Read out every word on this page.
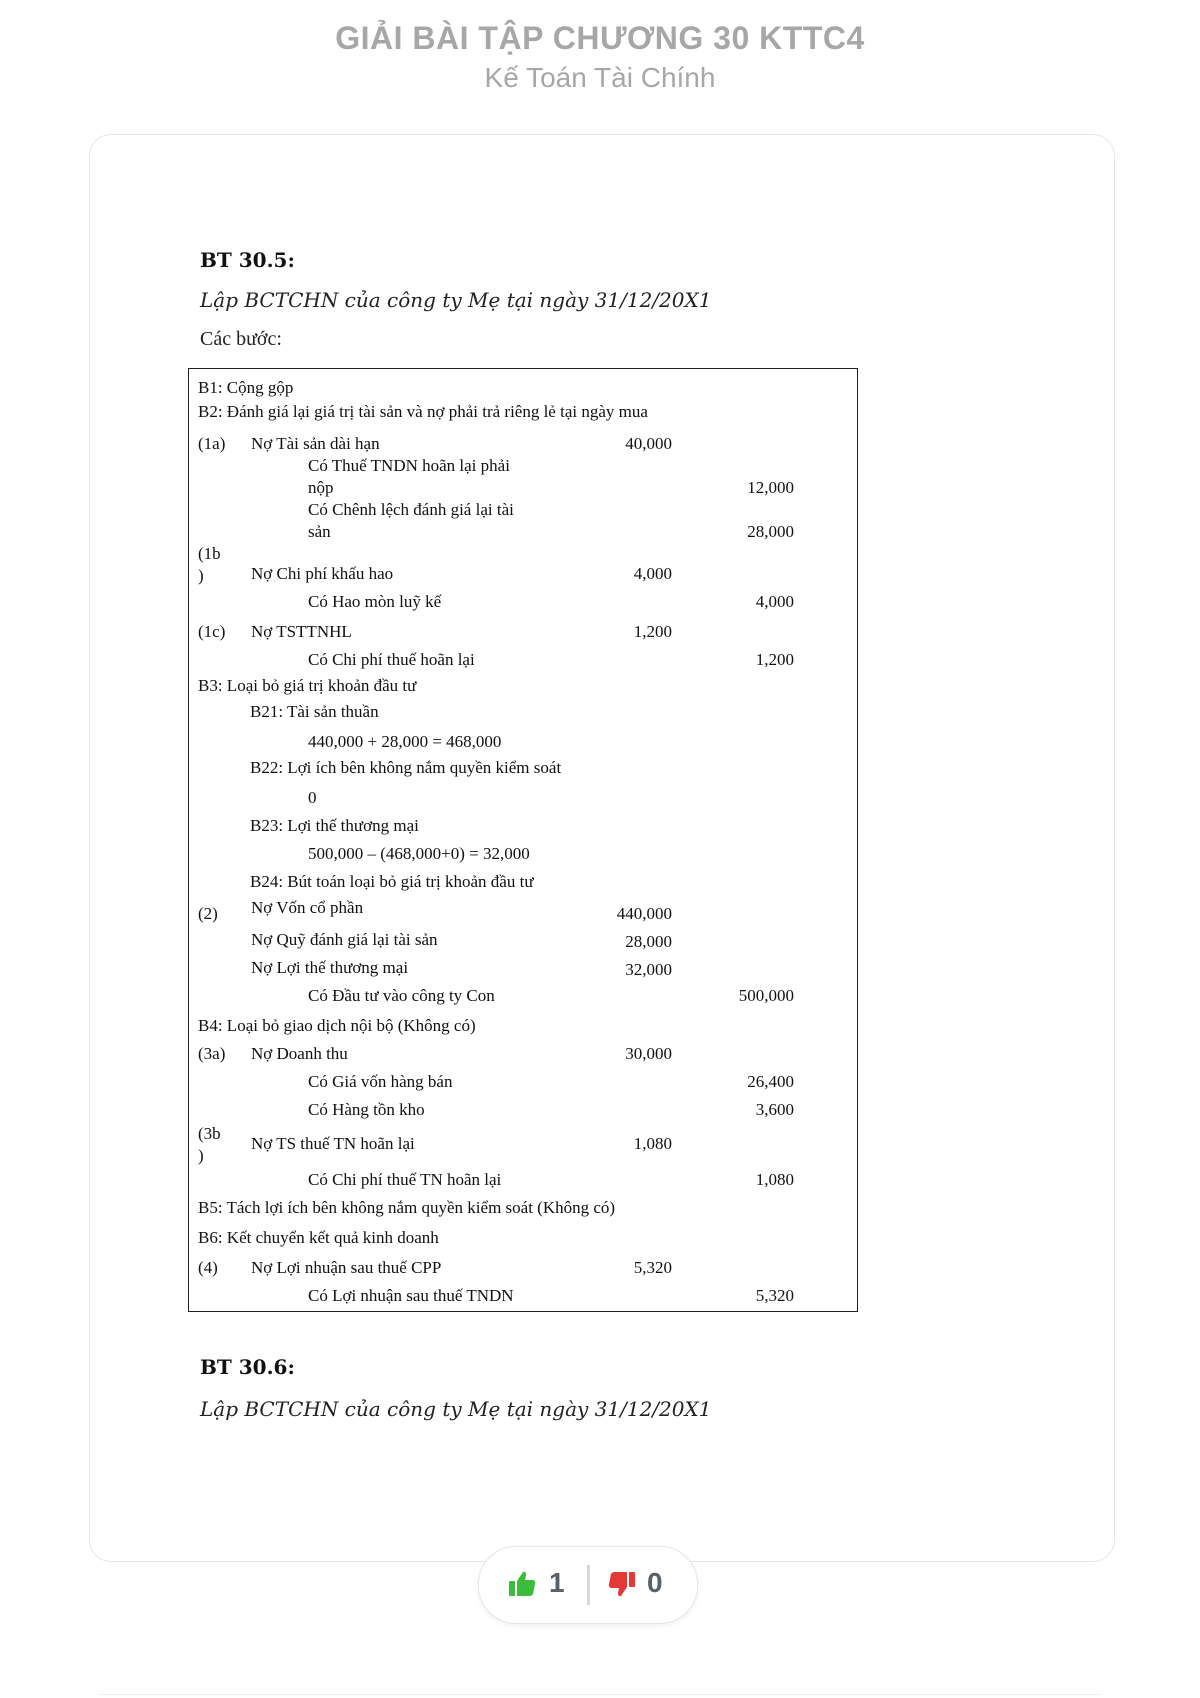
GIẢI BÀI TẬP CHƯƠNG 30 KTTC4
Kế Toán Tài Chính
BT 30.5:
Lập BCTCHN của công ty Mẹ tại ngày 31/12/20X1
Các bước:
B1: Cộng gộp
B2: Đánh giá lại giá trị tài sản và nợ phải trả riêng lẻ tại ngày mua
(1a) Nợ Tài sản dài hạn	40,000
Có Thuế TNDN hoãn lại phải
nộp	12,000
Có Chênh lệch đánh giá lại tài
sản	28,000
(1b
)	Nợ Chi phí khấu hao	4,000
Có Hao mòn luỹ kế	4,000
(1c) Nợ TSTTNHL	1,200
Có Chi phí thuế hoãn lại	1,200
B3: Loại bỏ giá trị khoản đầu tư
B21: Tài sản thuần
440,000 + 28,000 = 468,000
B22: Lợi ích bên không nắm quyền kiểm soát
0
B23: Lợi thế thương mại
500,000 – (468,000+0) = 32,000
B24: Bút toán loại bỏ giá trị khoản đầu tư
(2) Nợ Vốn cổ phần	440,000
Nợ Quỹ đánh giá lại tài sản	28,000
Nợ Lợi thế thương mại	32,000
Có Đầu tư vào công ty Con	500,000
B4: Loại bỏ giao dịch nội bộ (Không có)
(3a) Nợ Doanh thu	30,000
Có Giá vốn hàng bán	26,400
Có Hàng tồn kho	3,600
(3b
)
Nợ TS thuế TN hoãn lại	1,080
Có Chi phí thuế TN hoãn lại	1,080
B5: Tách lợi ích bên không nắm quyền kiểm soát (Không có)
B6: Kết chuyển kết quả kinh doanh
(4) Nợ Lợi nhuận sau thuế CPP	5,320
Có Lợi nhuận sau thuế TNDN	5,320
BT 30.6:
Lập BCTCHN của công ty Mẹ tại ngày 31/12/20X1
1	0
